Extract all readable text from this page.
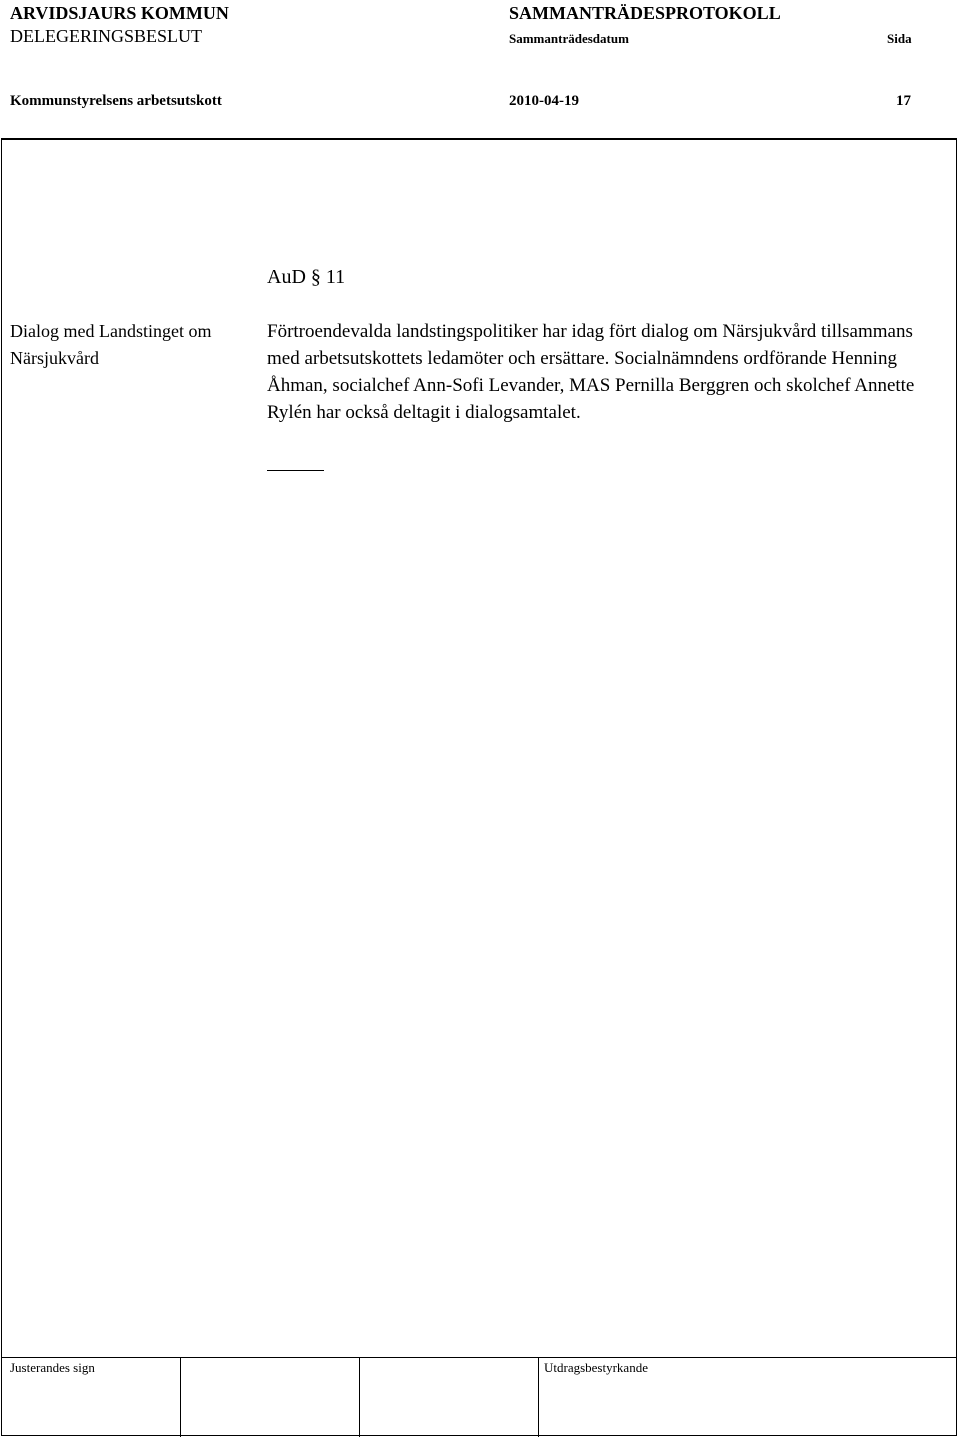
ARVIDSJAURS KOMMUN
DELEGERINGSBESLUT
SAMMANTRÄDESPROTOKOLL
Sammanträdesdatum	Sida
Kommunstyrelsens arbetsutskott	2010-04-19	17
AuD § 11
Dialog med Landstinget om Närsjukvård
Förtroendevalda landstingspolitiker har idag fört dialog om Närsjukvård tillsammans med arbetsutskottets ledamöter och ersättare. Socialnämndens ordförande Henning Åhman, socialchef Ann-Sofi Levander, MAS Pernilla Berggren och skolchef Annette Rylén har också deltagit i dialogsamtalet.
Justerandes sign	Utdragsbestyrkande
